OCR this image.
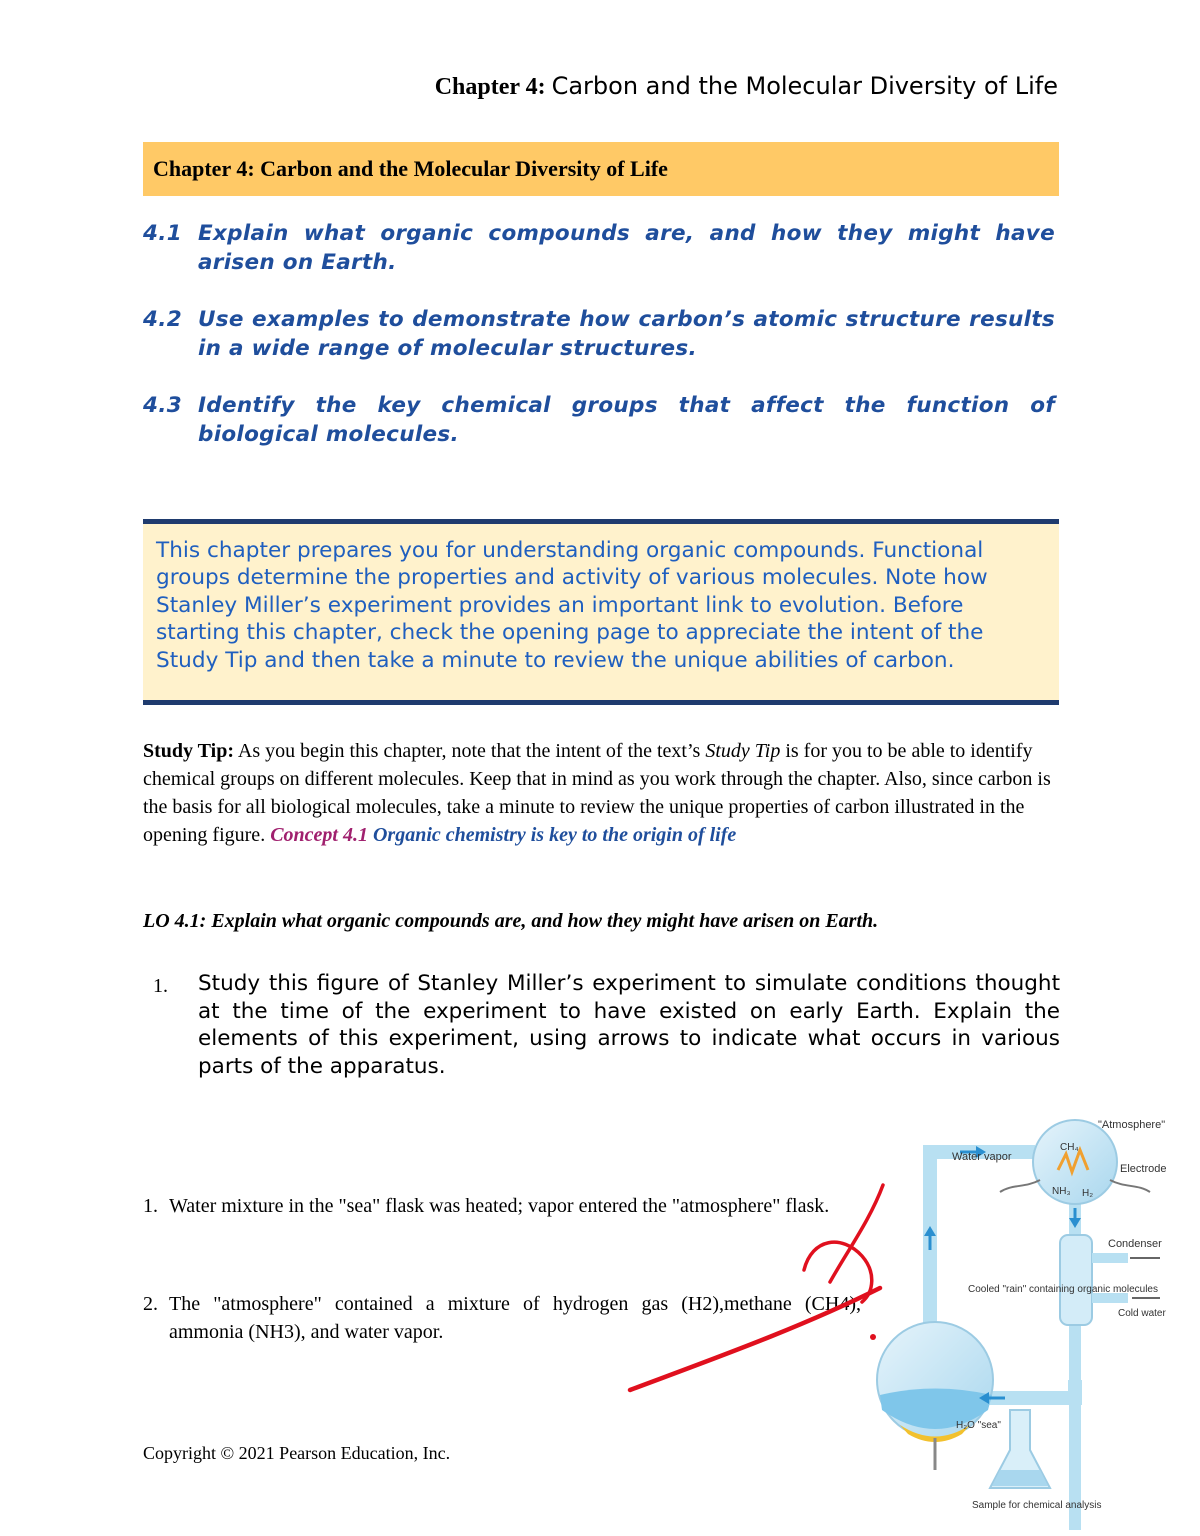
Chapter 4: Carbon and the Molecular Diversity of Life
Chapter 4: Carbon and the Molecular Diversity of Life
4.1 Explain what organic compounds are, and how they might have arisen on Earth.
4.2 Use examples to demonstrate how carbon’s atomic structure results in a wide range of molecular structures.
4.3 Identify the key chemical groups that affect the function of biological molecules.
This chapter prepares you for understanding organic compounds. Functional groups determine the properties and activity of various molecules. Note how Stanley Miller’s experiment provides an important link to evolution. Before starting this chapter, check the opening page to appreciate the intent of the Study Tip and then take a minute to review the unique abilities of carbon.
Study Tip: As you begin this chapter, note that the intent of the text’s Study Tip is for you to be able to identify chemical groups on different molecules. Keep that in mind as you work through the chapter. Also, since carbon is the basis for all biological molecules, take a minute to review the unique properties of carbon illustrated in the opening figure. Concept 4.1 Organic chemistry is key to the origin of life
LO 4.1: Explain what organic compounds are, and how they might have arisen on Earth.
1. Study this figure of Stanley Miller’s experiment to simulate conditions thought at the time of the experiment to have existed on early Earth. Explain the elements of this experiment, using arrows to indicate what occurs in various parts of the apparatus.
1. Water mixture in the "sea" flask was heated; vapor entered the "atmosphere" flask.
2. The "atmosphere" contained a mixture of hydrogen gas (H2),methane (CH4), ammonia (NH3), and water vapor.
"Atmosphere"
Water vapor
Electrode
Condenser
Cold water
Cooled "rain" containing organic molecules
H₂O "sea"
Sample for chemical analysis
CH₄
NH₃ H₂
Copyright © 2021 Pearson Education, Inc.
